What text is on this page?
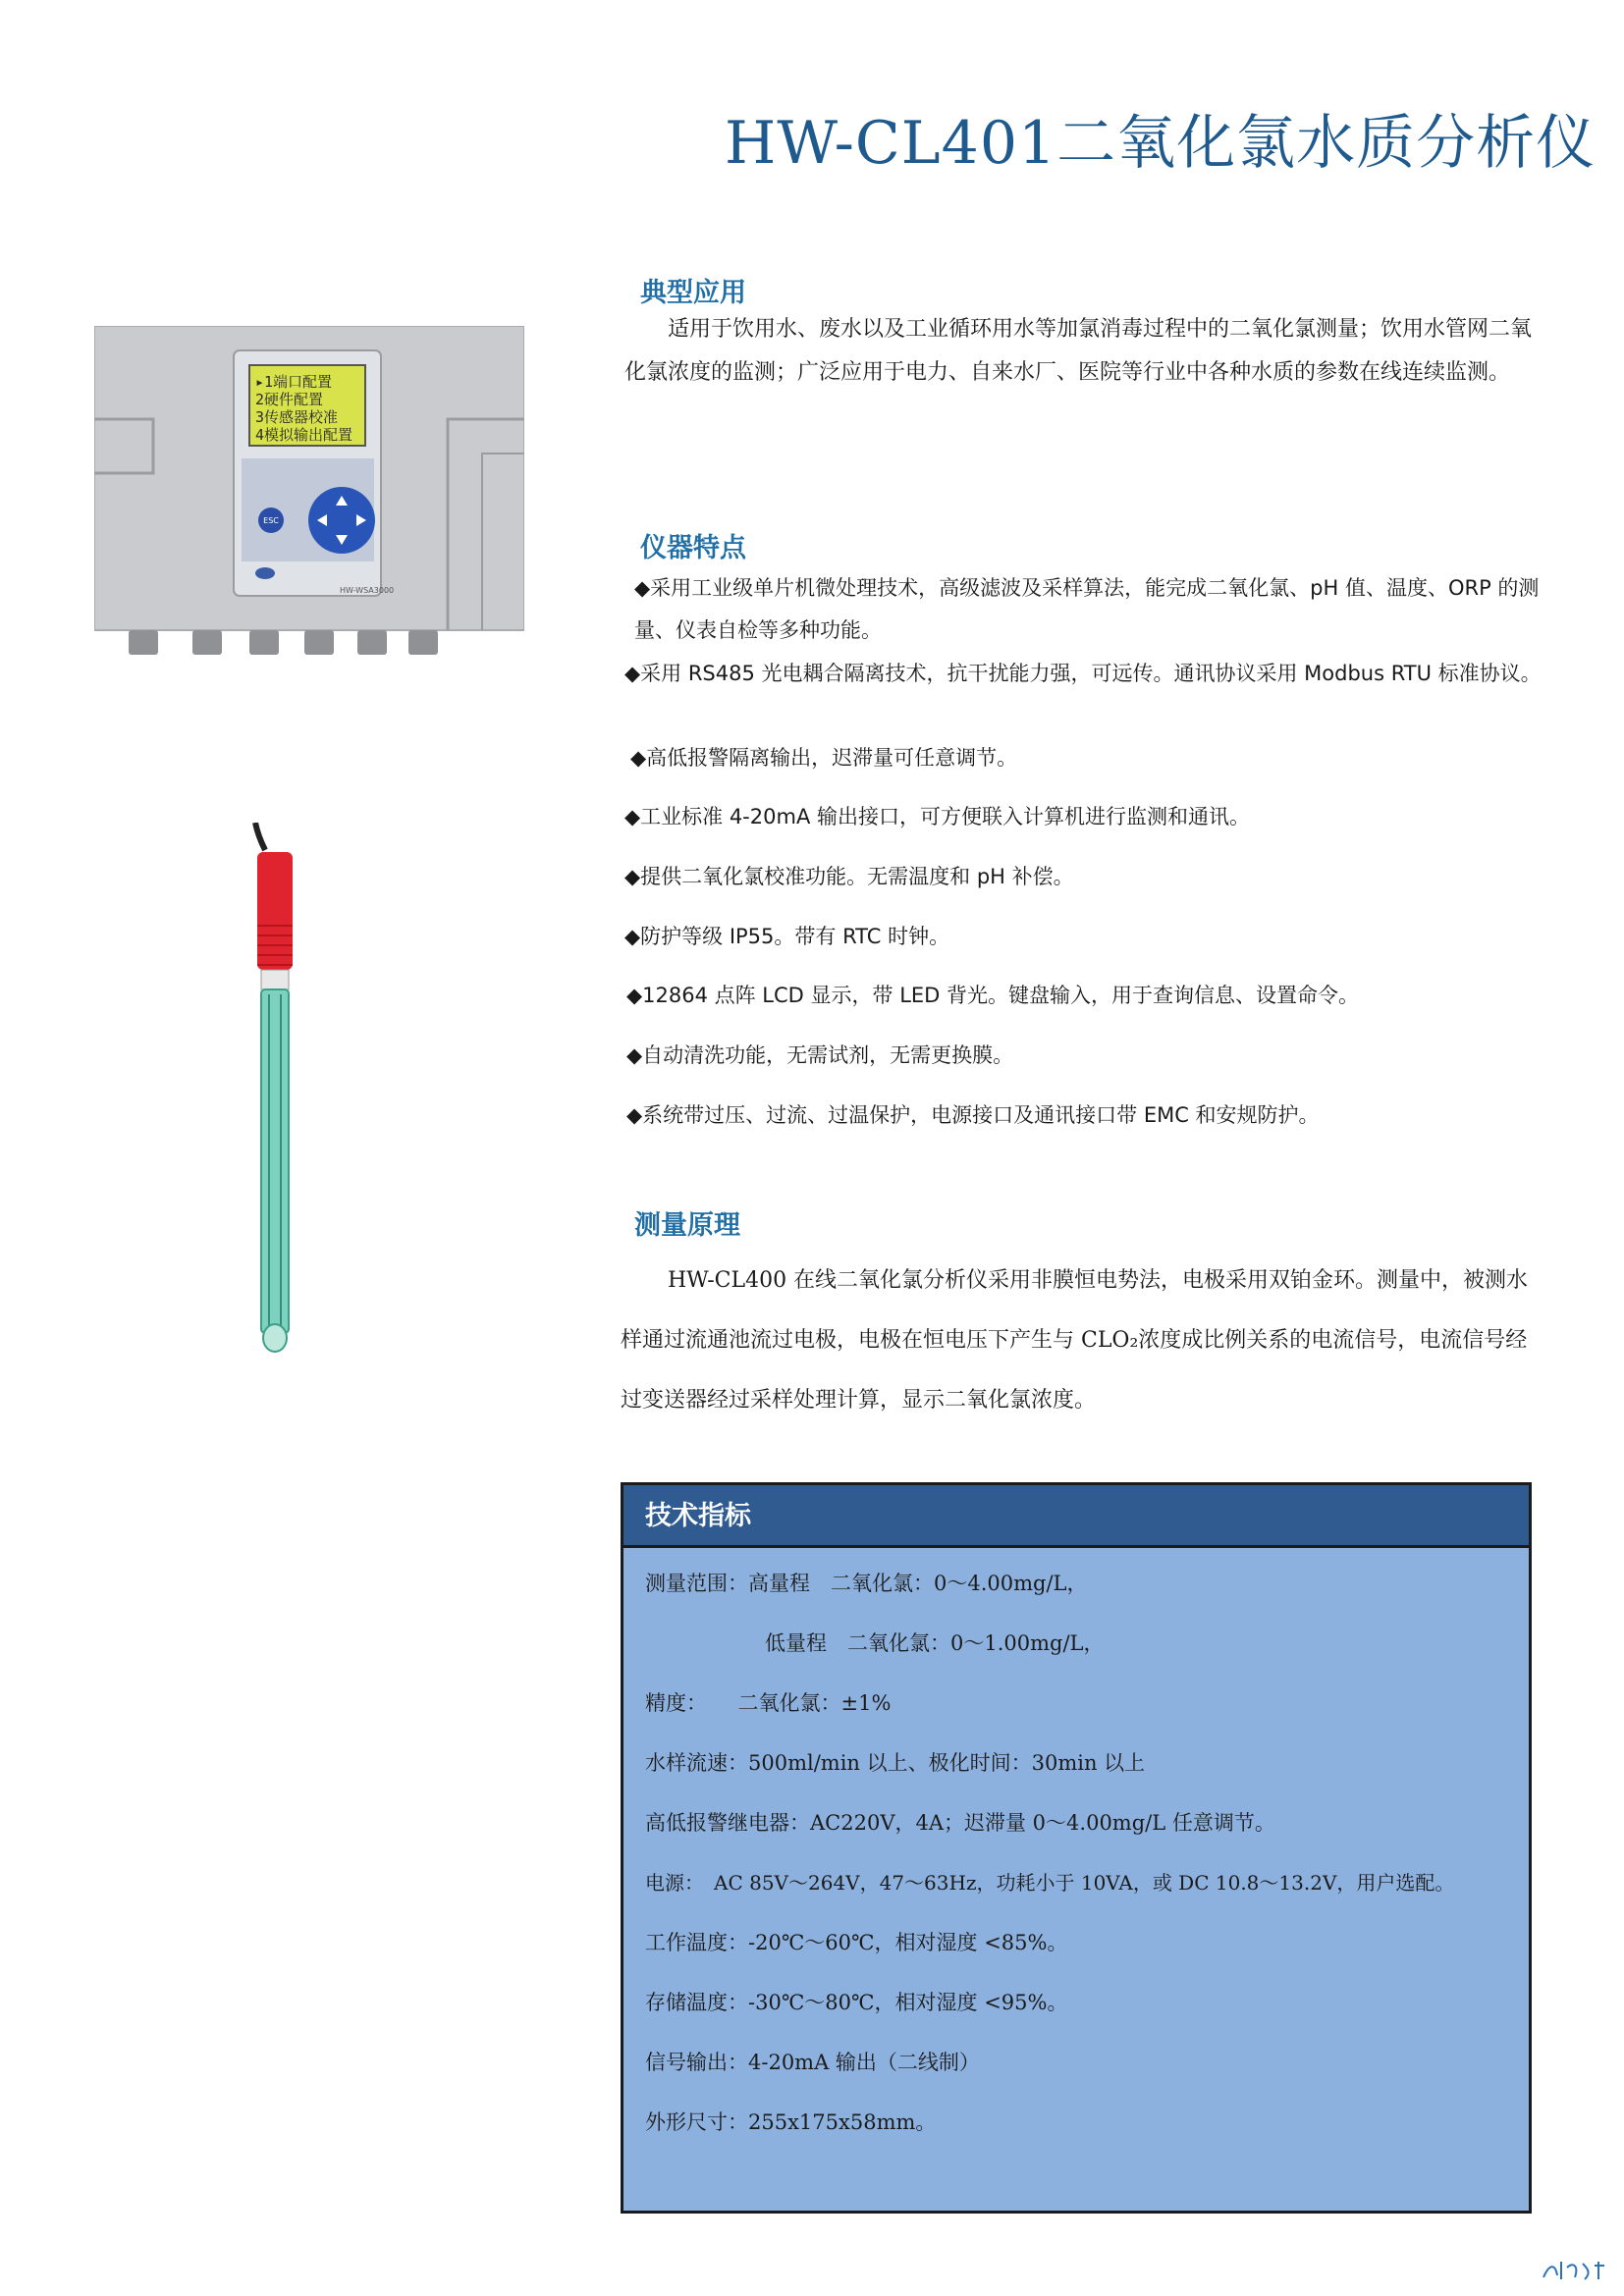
HW-CL401二氧化氯水质分析仪
▸1端口配置
2硬件配置
3传感器校准
4模拟输出配置
ESC
HW-WSA3000
典型应用
适用于饮用水、废水以及工业循环用水等加氯消毒过程中的二氧化氯测量；饮用水管网二氧化氯浓度的监测；广泛应用于电力、自来水厂、医院等行业中各种水质的参数在线连续监测。
仪器特点
◆采用工业级单片机微处理技术，高级滤波及采样算法，能完成二氧化氯、pH 值、温度、ORP 的测量、仪表自检等多种功能。
◆采用 RS485 光电耦合隔离技术，抗干扰能力强，可远传。通讯协议采用 Modbus RTU 标准协议。
◆高低报警隔离输出，迟滞量可任意调节。
◆工业标准 4-20mA 输出接口，可方便联入计算机进行监测和通讯。
◆提供二氧化氯校准功能。无需温度和 pH 补偿。
◆防护等级 IP55。带有 RTC 时钟。
◆12864 点阵 LCD 显示，带 LED 背光。键盘输入，用于查询信息、设置命令。
◆自动清洗功能，无需试剂，无需更换膜。
◆系统带过压、过流、过温保护，电源接口及通讯接口带 EMC 和安规防护。
测量原理
HW-CL400 在线二氧化氯分析仪采用非膜恒电势法，电极采用双铂金环。测量中，被测水样通过流通池流过电极，电极在恒电压下产生与 CLO₂浓度成比例关系的电流信号，电流信号经过变送器经过采样处理计算，显示二氧化氯浓度。
技术指标
测量范围：高量程　二氧化氯：0～4.00mg/L，
低量程　二氧化氯：0～1.00mg/L，
精度：　　二氧化氯：±1%
水样流速：500ml/min 以上、极化时间：30min 以上
高低报警继电器：AC220V，4A；迟滞量 0～4.00mg/L 任意调节。
电源：　AC 85V～264V，47～63Hz，功耗小于 10VA，或 DC 10.8～13.2V，用户选配。
工作温度：-20℃～60℃，相对湿度 <85%。
存储温度：-30℃～80℃，相对湿度 <95%。
信号输出：4-20mA 输出（二线制）
外形尺寸：255x175x58mm。
